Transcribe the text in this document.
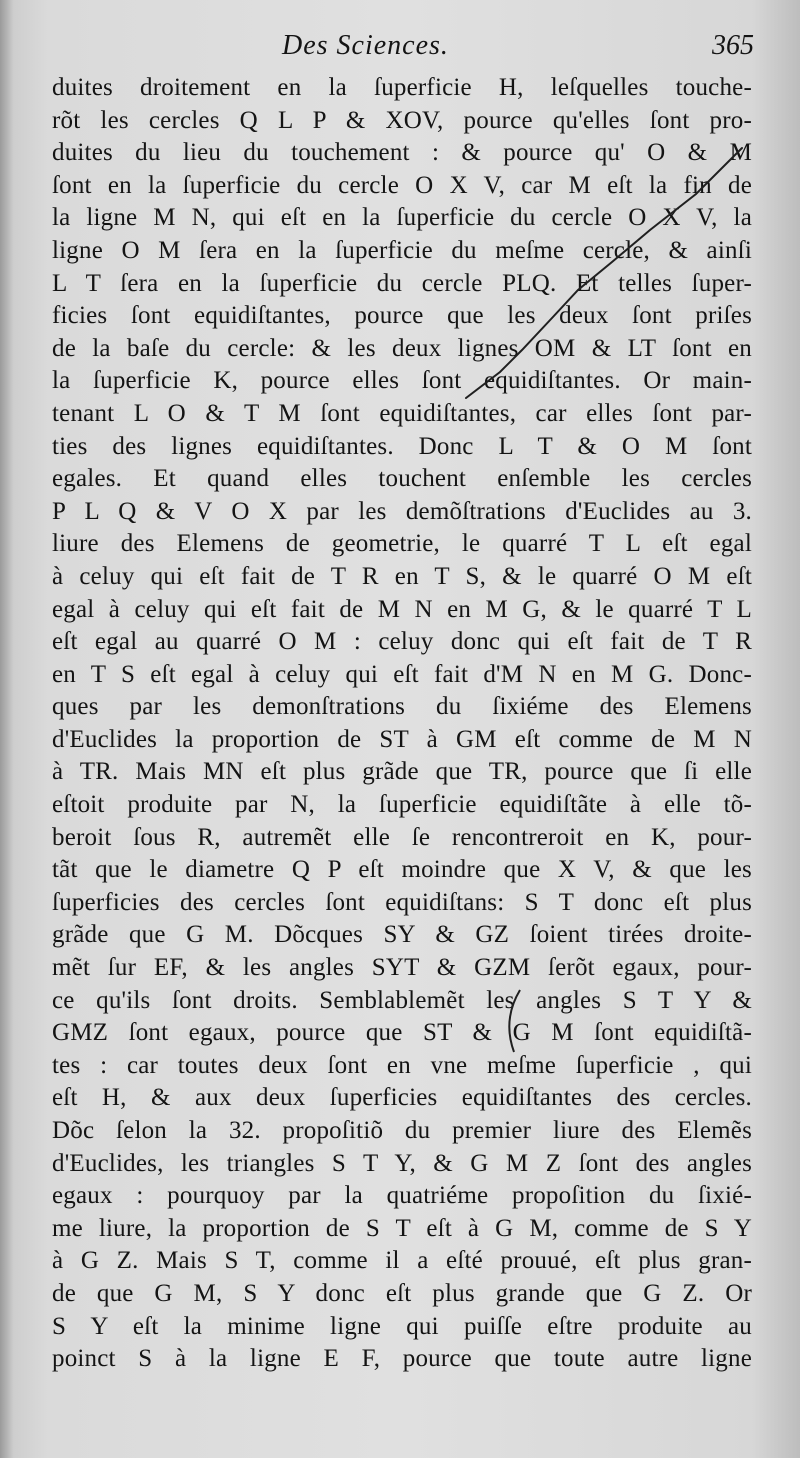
Des Sciences.	365
duites droitement en la ſuperficie H, leſquelles touche-
rõt les cercles Q L P & XOV, pource qu'elles ſont pro-
duites du lieu du touchement : & pource qu' O & M
ſont en la ſuperficie du cercle O X V, car M eſt la fin de
la ligne M N, qui eſt en la ſuperficie du cercle O X V, la
ligne O M ſera en la ſuperficie du meſme cercle, & ainſi
L T ſera en la ſuperficie du cercle PLQ. Et telles ſuper-
ficies ſont equidiſtantes, pource que les deux ſont priſes
de la baſe du cercle: & les deux lignes OM & LT ſont en
la ſuperficie K, pource elles ſont equidiſtantes. Or main-
tenant L O & T M ſont equidiſtantes, car elles ſont par-
ties des lignes equidiſtantes. Donc L T & O M ſont
egales. Et quand elles touchent enſemble les cercles
P L Q & V O X par les demõſtrations d'Euclides au 3.
liure des Elemens de geometrie, le quarré T L eſt egal
à celuy qui eſt fait de T R en T S, & le quarré O M eſt
egal à celuy qui eſt fait de M N en M G, & le quarré T L
eſt egal au quarré O M : celuy donc qui eſt fait de T R
en T S eſt egal à celuy qui eſt fait d'M N en M G. Donc-
ques par les demonſtrations du ſixiéme des Elemens
d'Euclides la proportion de ST à GM eſt comme de M N
à TR. Mais MN eſt plus grãde que TR, pource que ſi elle
eſtoit produite par N, la ſuperficie equidiſtãte à elle tõ-
beroit ſous R, autremẽt elle ſe rencontreroit en K, pour-
tãt que le diametre Q P eſt moindre que X V, & que les
ſuperficies des cercles ſont equidiſtans: S T donc eſt plus
grãde que G M. Dõcques SY & GZ ſoient tirées droite-
mẽt ſur EF, & les angles SYT & GZM ſerõt egaux, pour-
ce qu'ils ſont droits. Semblablemẽt les angles S T Y &
GMZ ſont egaux, pource que ST & G M ſont equidiſtã-
tes : car toutes deux ſont en vne meſme ſuperficie , qui
eſt H, & aux deux ſuperficies equidiſtantes des cercles.
Dõc ſelon la 32. propoſitiõ du premier liure des Elemẽs
d'Euclides, les triangles S T Y, & G M Z ſont des angles
egaux : pourquoy par la quatriéme propoſition du ſixié-
me liure, la proportion de S T eſt à G M, comme de S Y
à G Z. Mais S T, comme il a eſté prouué, eſt plus gran-
de que G M, S Y donc eſt plus grande que G Z. Or
S Y eſt la minime ligne qui puiſſe eſtre produite au
poinct S à la ligne E F, pource que toute autre ligne
